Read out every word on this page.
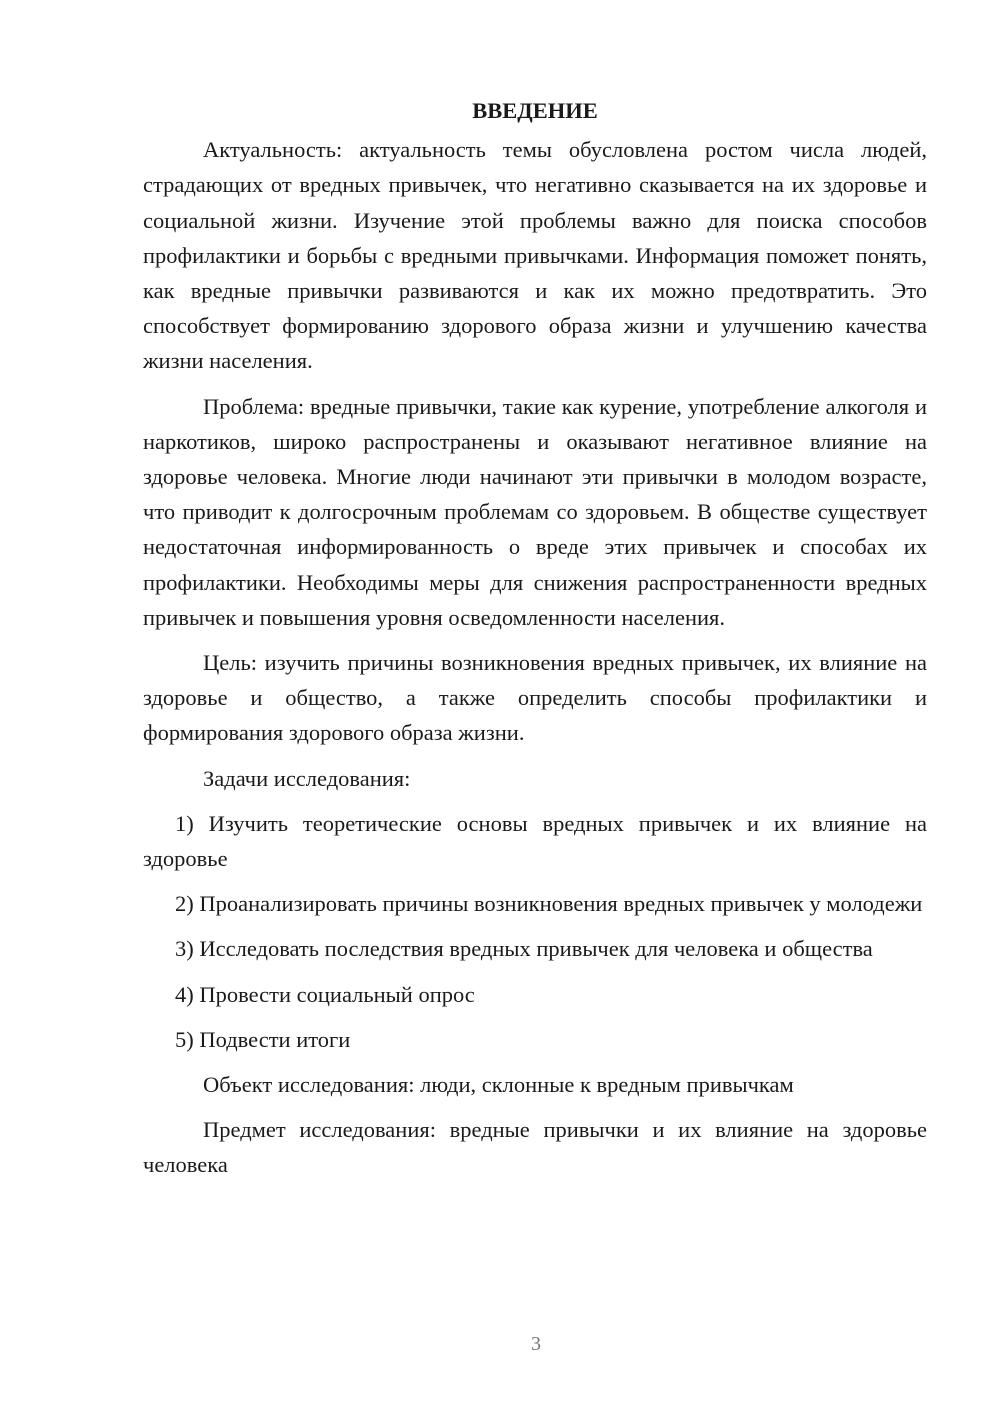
ВВЕДЕНИЕ

Актуальность: актуальность темы обусловлена ростом числа людей, страдающих от вредных привычек, что негативно сказывается на их здоровье и социальной жизни. Изучение этой проблемы важно для поиска способов профилактики и борьбы с вредными привычками. Информация поможет понять, как вредные привычки развиваются и как их можно предотвратить. Это способствует формированию здорового образа жизни и улучшению качества жизни населения.

Проблема: вредные привычки, такие как курение, употребление алкоголя и наркотиков, широко распространены и оказывают негативное влияние на здоровье человека. Многие люди начинают эти привычки в молодом возрасте, что приводит к долгосрочным проблемам со здоровьем. В обществе существует недостаточная информированность о вреде этих привычек и способах их профилактики. Необходимы меры для снижения распространенности вредных привычек и повышения уровня осведомленности населения.

Цель: изучить причины возникновения вредных привычек, их влияние на здоровье и общество, а также определить способы профилактики и формирования здорового образа жизни.

Задачи исследования:

1) Изучить теоретические основы вредных привычек и их влияние на здоровье

2) Проанализировать причины возникновения вредных привычек у молодежи

3) Исследовать последствия вредных привычек для человека и общества

4) Провести социальный опрос

5) Подвести итоги

Объект исследования: люди, склонные к вредным привычкам

Предмет исследования: вредные привычки и их влияние на здоровье человека

3
